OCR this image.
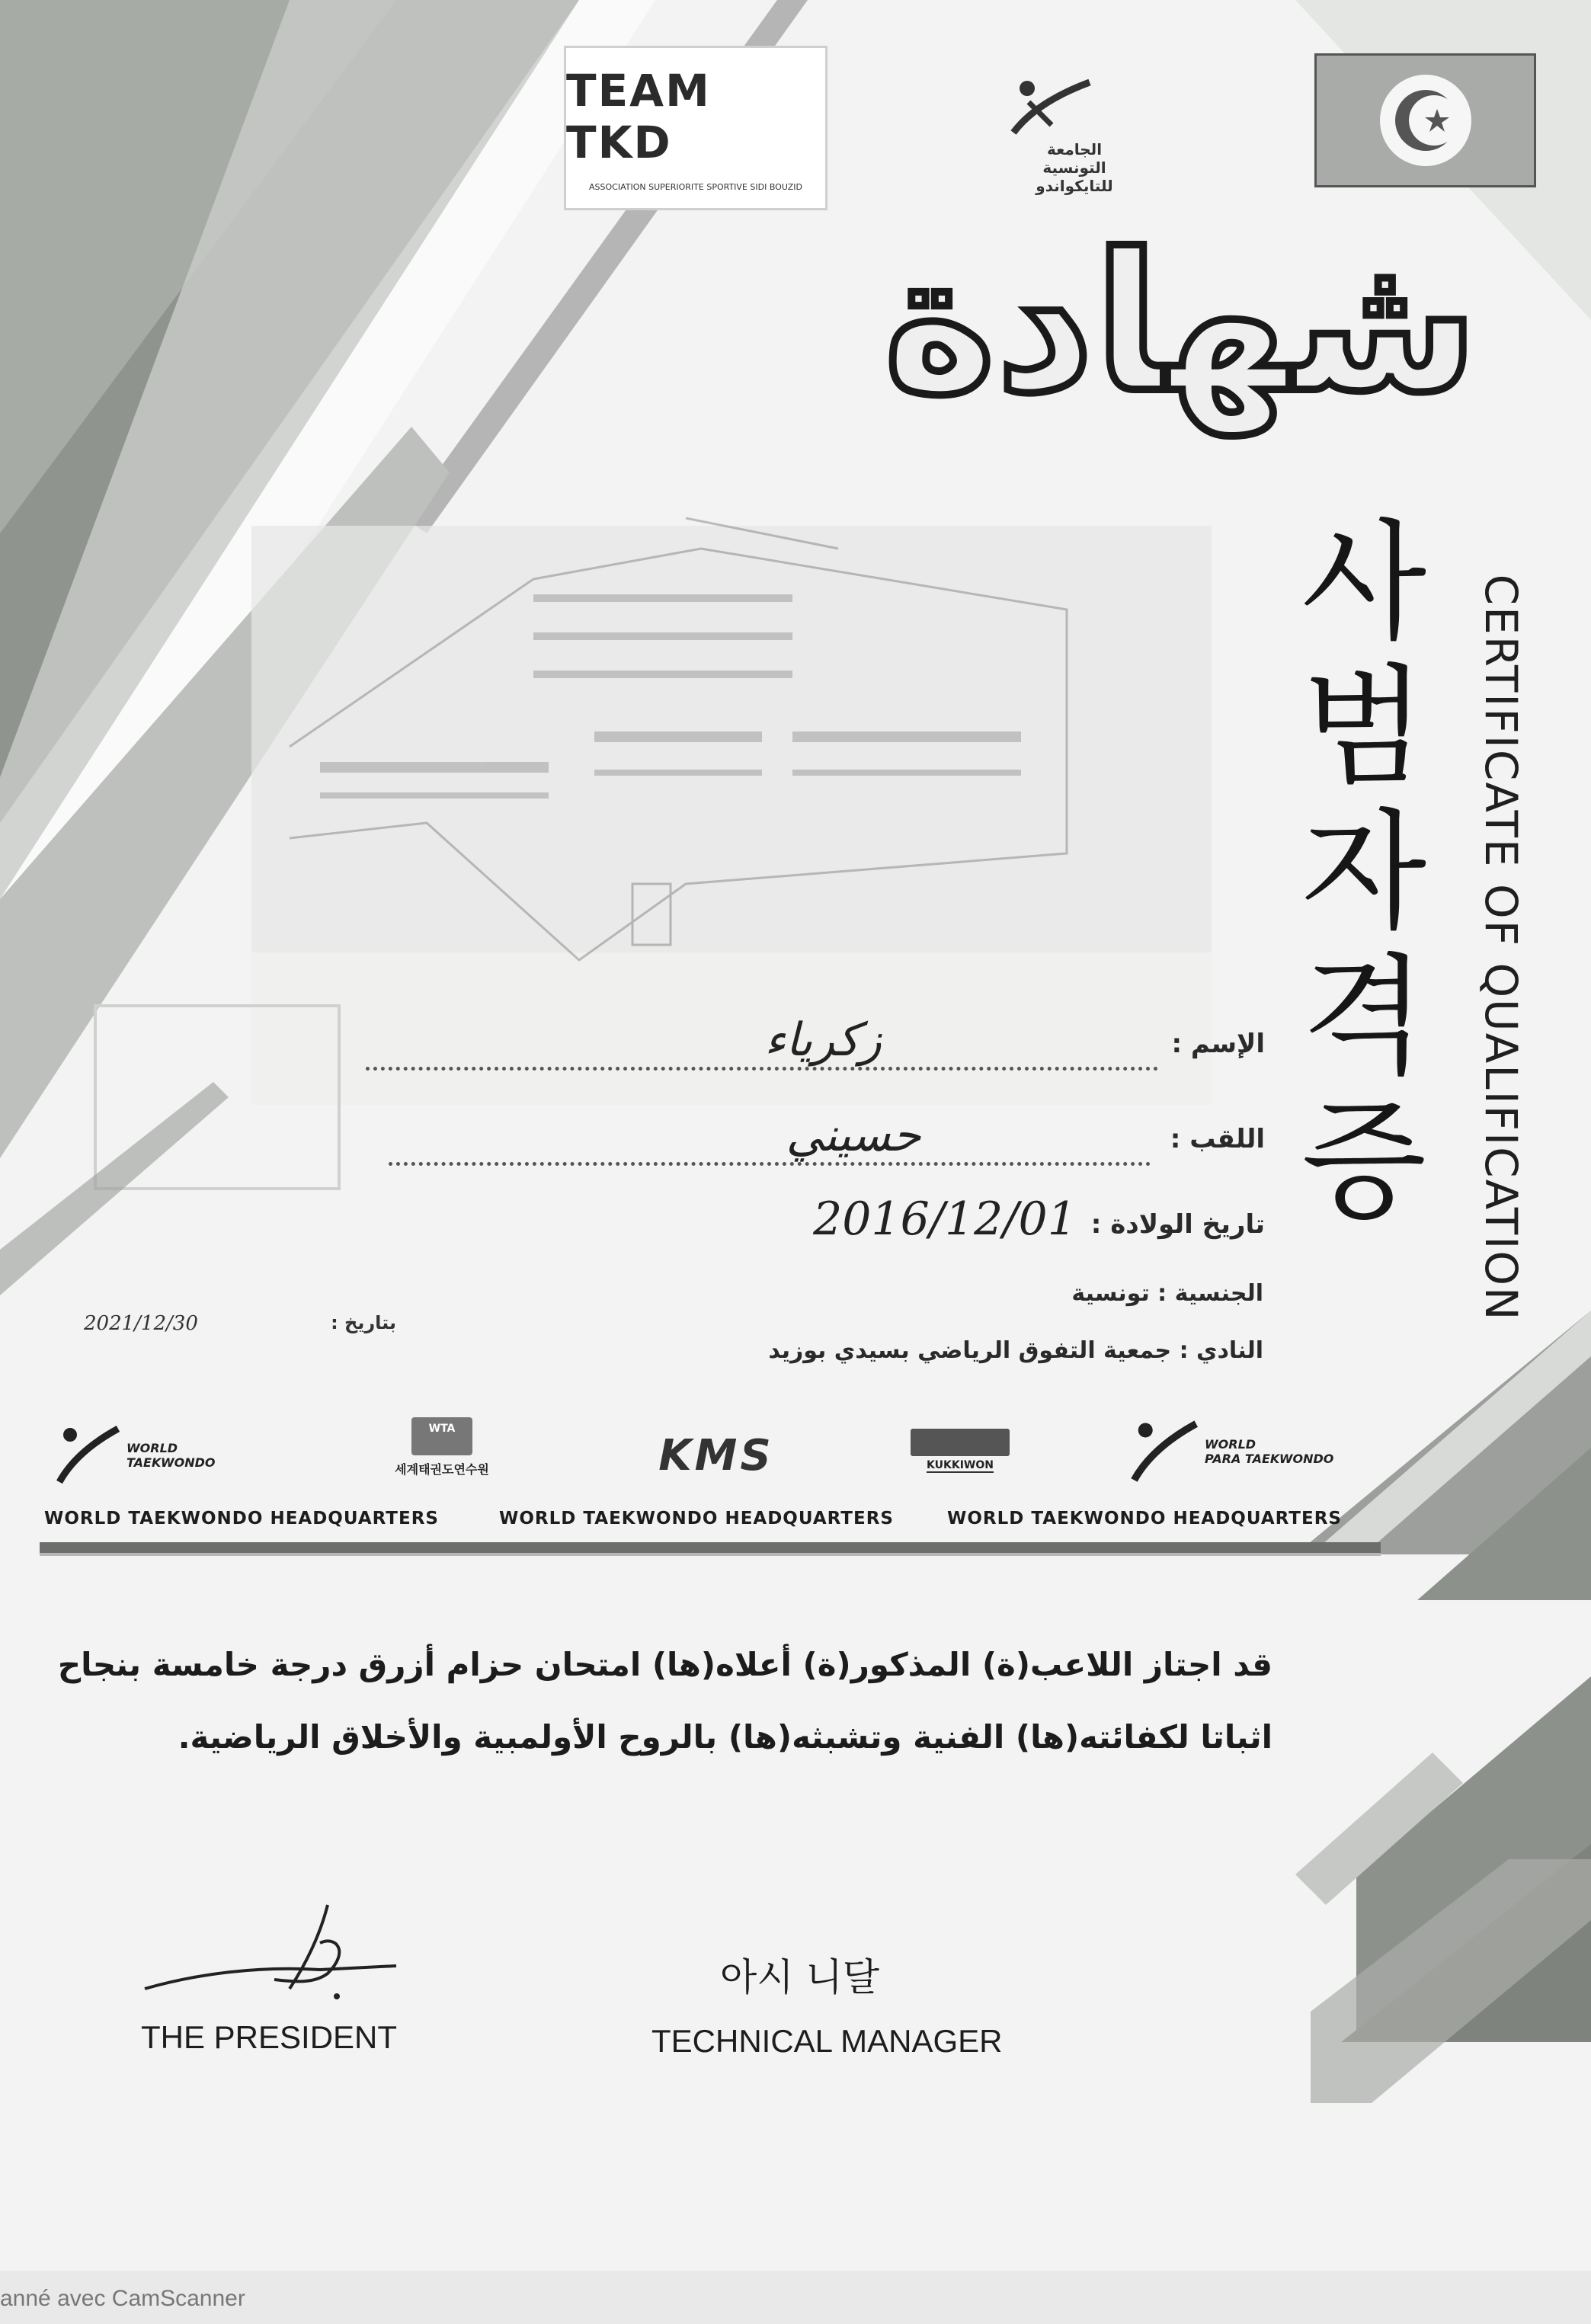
TEAM TKD
ASSOCIATION SUPERIORITE SPORTIVE SIDI BOUZID
الجامعة التونسية للتايكواندو
شهادة
사범자격증 CERTIFICATE OF QUALIFICATION
زكرياء	الإسم :
حسيني	اللقب :
2016/12/01 تاريخ الولادة :
الجنسية : تونسية
2021/12/30	بتاريخ :
النادي : جمعية التفوق الرياضي بسيدي بوزيد
WORLD
TAEKWONDO
WTA
세계태권도연수원	KMS	KUKKIWON
WORLD
PARA TAEKWONDO
WORLD TAEKWONDO HEADQUARTERS	WORLD TAEKWONDO HEADQUARTERS	WORLD TAEKWONDO HEADQUARTERS
قد اجتاز اللاعب(ة) المذكور(ة) أعلاه(ها) امتحان حزام أزرق درجة خامسة بنجاح
اثباتا لكفائته(ها) الفنية وتشبثه(ها) بالروح الأولمبية والأخلاق الرياضية.
THE PRESIDENT
아시 니달
TECHNICAL MANAGER
anné avec CamScanner
